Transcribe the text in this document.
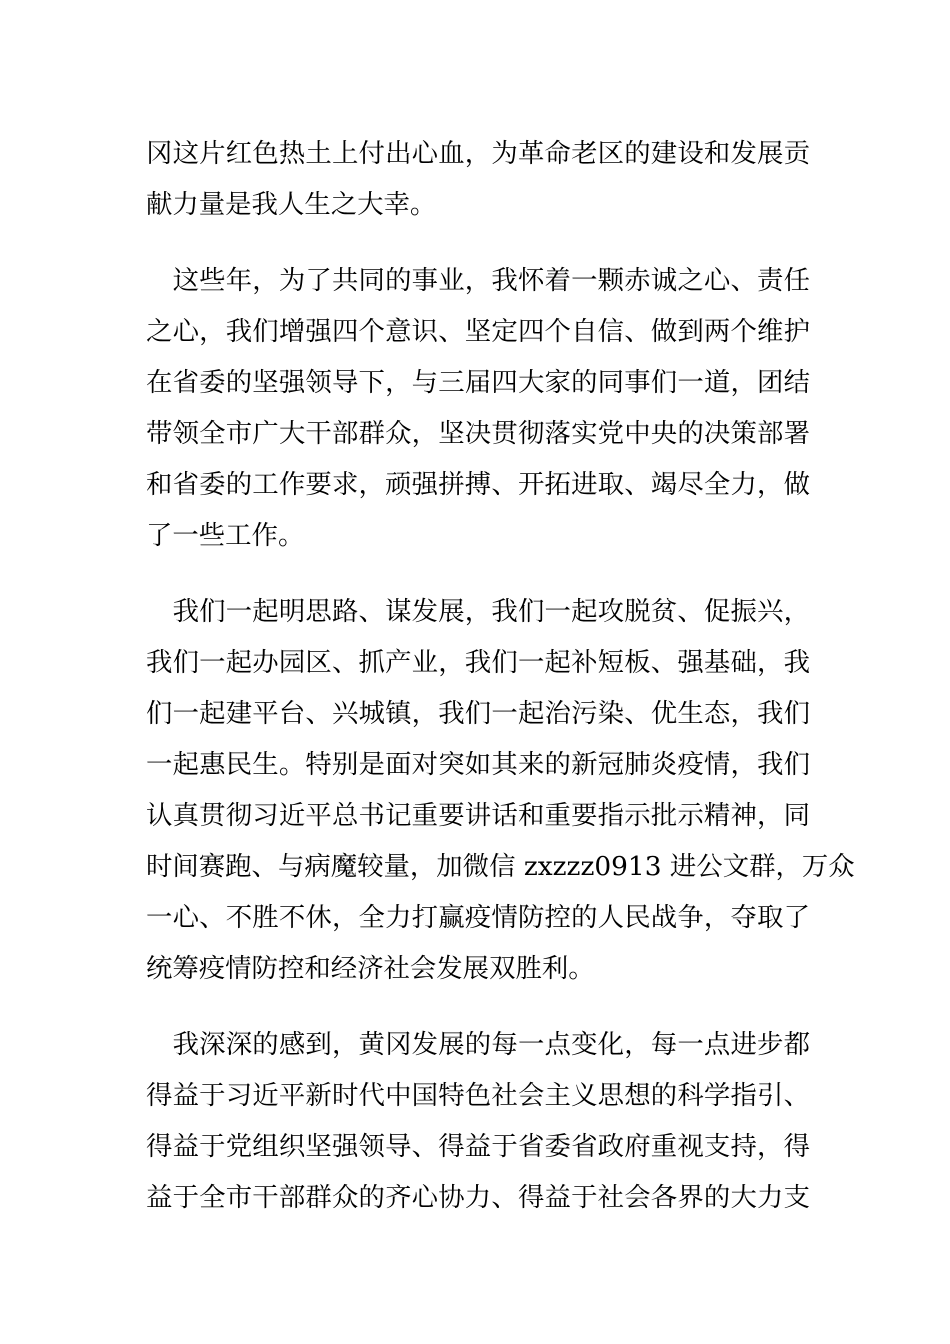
冈这片红色热土上付出心血，为革命老区的建设和发展贡
献力量是我人生之大幸。
　这些年，为了共同的事业，我怀着一颗赤诚之心、责任
之心，我们增强四个意识、坚定四个自信、做到两个维护
在省委的坚强领导下，与三届四大家的同事们一道，团结
带领全市广大干部群众，坚决贯彻落实党中央的决策部署
和省委的工作要求，顽强拼搏、开拓进取、竭尽全力，做
了一些工作。
　我们一起明思路、谋发展，我们一起攻脱贫、促振兴，
我们一起办园区、抓产业，我们一起补短板、强基础，我
们一起建平台、兴城镇，我们一起治污染、优生态，我们
一起惠民生。特别是面对突如其来的新冠肺炎疫情，我们
认真贯彻习近平总书记重要讲话和重要指示批示精神，同
时间赛跑、与病魔较量，加微信 zxzzz0913 进公文群，万众
一心、不胜不休，全力打赢疫情防控的人民战争，夺取了
统筹疫情防控和经济社会发展双胜利。
　我深深的感到，黄冈发展的每一点变化，每一点进步都
得益于习近平新时代中国特色社会主义思想的科学指引、
得益于党组织坚强领导、得益于省委省政府重视支持，得
益于全市干部群众的齐心协力、得益于社会各界的大力支
